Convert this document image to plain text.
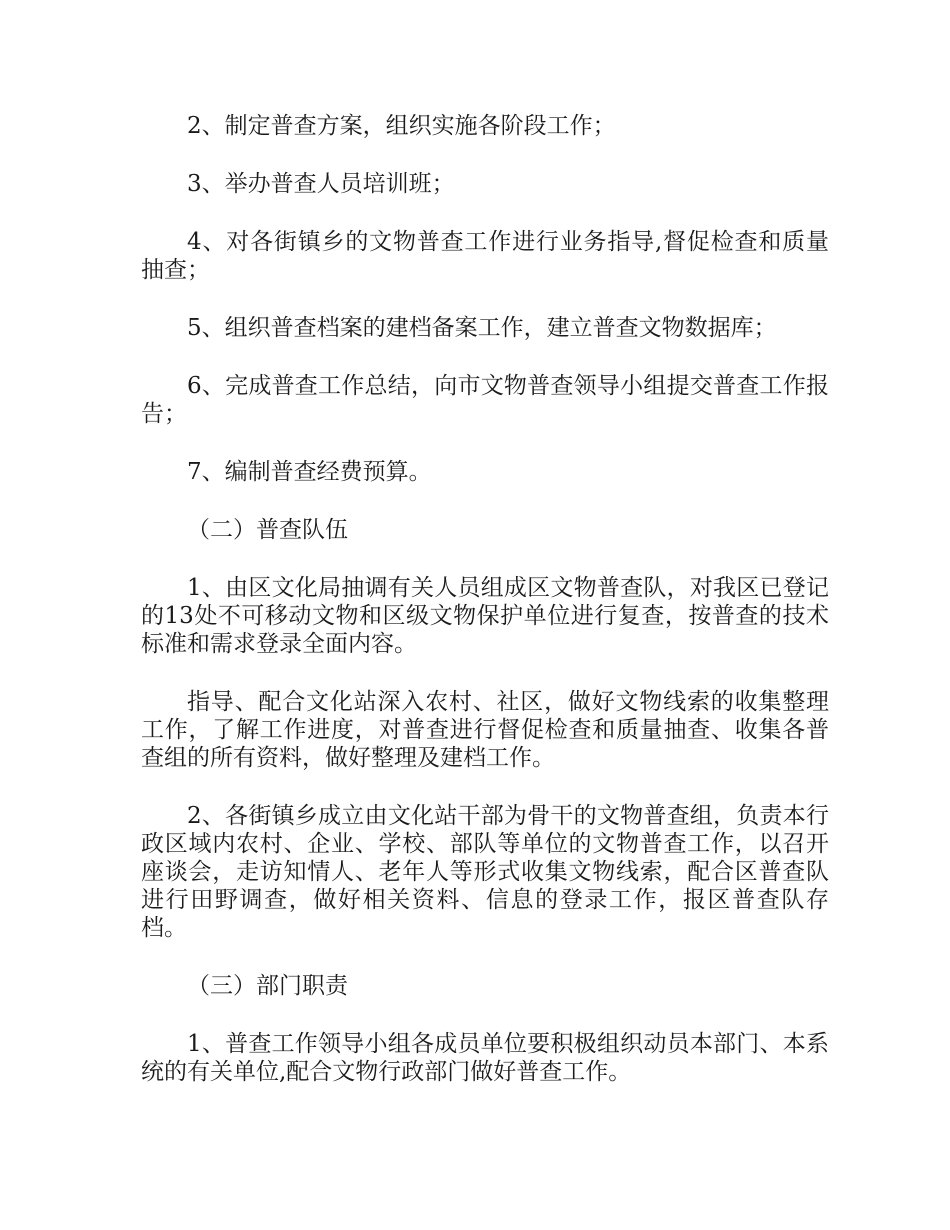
2、制定普查方案，组织实施各阶段工作；

3、举办普查人员培训班；

4、对各街镇乡的文物普查工作进行业务指导,督促检查和质量抽查；

5、组织普查档案的建档备案工作，建立普查文物数据库；

6、完成普查工作总结，向市文物普查领导小组提交普查工作报告；

7、编制普查经费预算。

（二）普查队伍

1、由区文化局抽调有关人员组成区文物普查队，对我区已登记的13处不可移动文物和区级文物保护单位进行复查，按普查的技术标准和需求登录全面内容。

指导、配合文化站深入农村、社区，做好文物线索的收集整理工作，了解工作进度，对普查进行督促检查和质量抽查、收集各普查组的所有资料，做好整理及建档工作。

2、各街镇乡成立由文化站干部为骨干的文物普查组，负责本行政区域内农村、企业、学校、部队等单位的文物普查工作，以召开座谈会，走访知情人、老年人等形式收集文物线索，配合区普查队进行田野调查，做好相关资料、信息的登录工作，报区普查队存档。

（三）部门职责

1、普查工作领导小组各成员单位要积极组织动员本部门、本系统的有关单位,配合文物行政部门做好普查工作。
